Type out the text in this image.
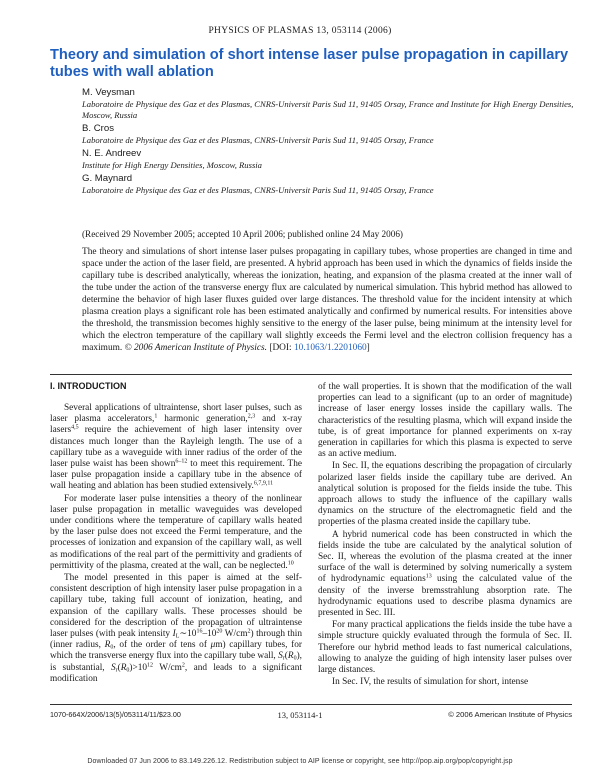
PHYSICS OF PLASMAS 13, 053114 (2006)
Theory and simulation of short intense laser pulse propagation in capillary tubes with wall ablation
M. Veysman
Laboratoire de Physique des Gaz et des Plasmas, CNRS-Universit Paris Sud 11, 91405 Orsay, France and Institute for High Energy Densities, Moscow, Russia
B. Cros
Laboratoire de Physique des Gaz et des Plasmas, CNRS-Universit Paris Sud 11, 91405 Orsay, France
N. E. Andreev
Institute for High Energy Densities, Moscow, Russia
G. Maynard
Laboratoire de Physique des Gaz et des Plasmas, CNRS-Universit Paris Sud 11, 91405 Orsay, France
(Received 29 November 2005; accepted 10 April 2006; published online 24 May 2006)
The theory and simulations of short intense laser pulses propagating in capillary tubes, whose properties are changed in time and space under the action of the laser field, are presented. A hybrid approach has been used in which the dynamics of fields inside the capillary tube is described analytically, whereas the ionization, heating, and expansion of the plasma created at the inner wall of the tube under the action of the transverse energy flux are calculated by numerical simulation. This hybrid method has allowed to determine the behavior of high laser fluxes guided over large distances. The threshold value for the incident intensity at which plasma creation plays a significant role has been estimated analytically and confirmed by numerical results. For intensities above the threshold, the transmission becomes highly sensitive to the energy of the laser pulse, being minimum at the intensity level for which the electron temperature of the capillary wall slightly exceeds the Fermi level and the electron collision frequency has a maximum. © 2006 American Institute of Physics. [DOI: 10.1063/1.2201060]
I. INTRODUCTION

Several applications of ultraintense, short laser pulses, such as laser plasma accelerators,$^1$ harmonic generation,$^{2,3}$ and x-ray lasers$^{4,5}$ require the achievement of high laser intensity over distances much longer than the Rayleigh length. The use of a capillary tube as a waveguide with inner radius of the order of the laser pulse waist has been shown$^{6-12}$ to meet this requirement. The laser pulse propagation inside a capillary tube in the absence of wall heating and ablation has been studied extensively.$^{6,7,9,11}$

For moderate laser pulse intensities a theory of the nonlinear laser pulse propagation in metallic waveguides was developed under conditions where the temperature of capillary walls heated by the laser pulse does not exceed the Fermi temperature, and the processes of ionization and expansion of the capillary wall, as well as modifications of the real part of the permittivity and gradients of permittivity of the plasma, created at the wall, can be neglected.$^{10}$

The model presented in this paper is aimed at the self-consistent description of high intensity laser pulse propagation in a capillary tube, taking full account of ionization, heating, and expansion of the capillary walls. These processes should be considered for the description of the propagation of ultraintense laser pulses (with peak intensity $I_L\sim 10^{16}-10^{20}$ $W/cm^2$) through thin (inner radius, $R_0$, of the order of tens of μm) capillary tubes, for which the transverse energy flux into the capillary tube wall, $S_r(R_0)$, is substantial, $S_r(R_0)>10^{12}$ $W/cm^2$, and leads to a significant modification

of the wall properties. It is shown that the modification of the wall properties can lead to a significant (up to an order of magnitude) increase of laser energy losses inside the capillary walls. The characteristics of the resulting plasma, which will expand inside the tube, is of great importance for planned experiments on x-ray generation in capillaries for which this plasma is expected to serve as an active medium.

In Sec. II, the equations describing the propagation of circularly polarized laser fields inside the capillary tube are derived. An analytical solution is proposed for the fields inside the tube. This approach allows to study the influence of the capillary walls dynamics on the structure of the electromagnetic field and the properties of the plasma created inside the capillary tube.

A hybrid numerical code has been constructed in which the fields inside the tube are calculated by the analytical solution of Sec. II, whereas the evolution of the plasma created at the inner surface of the wall is determined by solving numerically a system of hydrodynamic equations$^{13}$ using the calculated value of the density of the inverse bremsstrahlung absorption rate. The hydrodynamic equations used to describe plasma dynamics are presented in Sec. III.

For many practical applications the fields inside the tube have a simple structure quickly evaluated through the formula of Sec. II. Therefore our hybrid method leads to fast numerical calculations, allowing to analyze the guiding of high intensity laser pulses over large distances.

In Sec. IV, the results of simulation for short, intense

1070-664X/2006/13(5)/053114/11/$23.00	13, 053114-1	© 2006 American Institute of Physics
Downloaded 07 Jun 2006 to 83.149.226.12. Redistribution subject to AIP license or copyright, see http://pop.aip.org/pop/copyright.jsp
